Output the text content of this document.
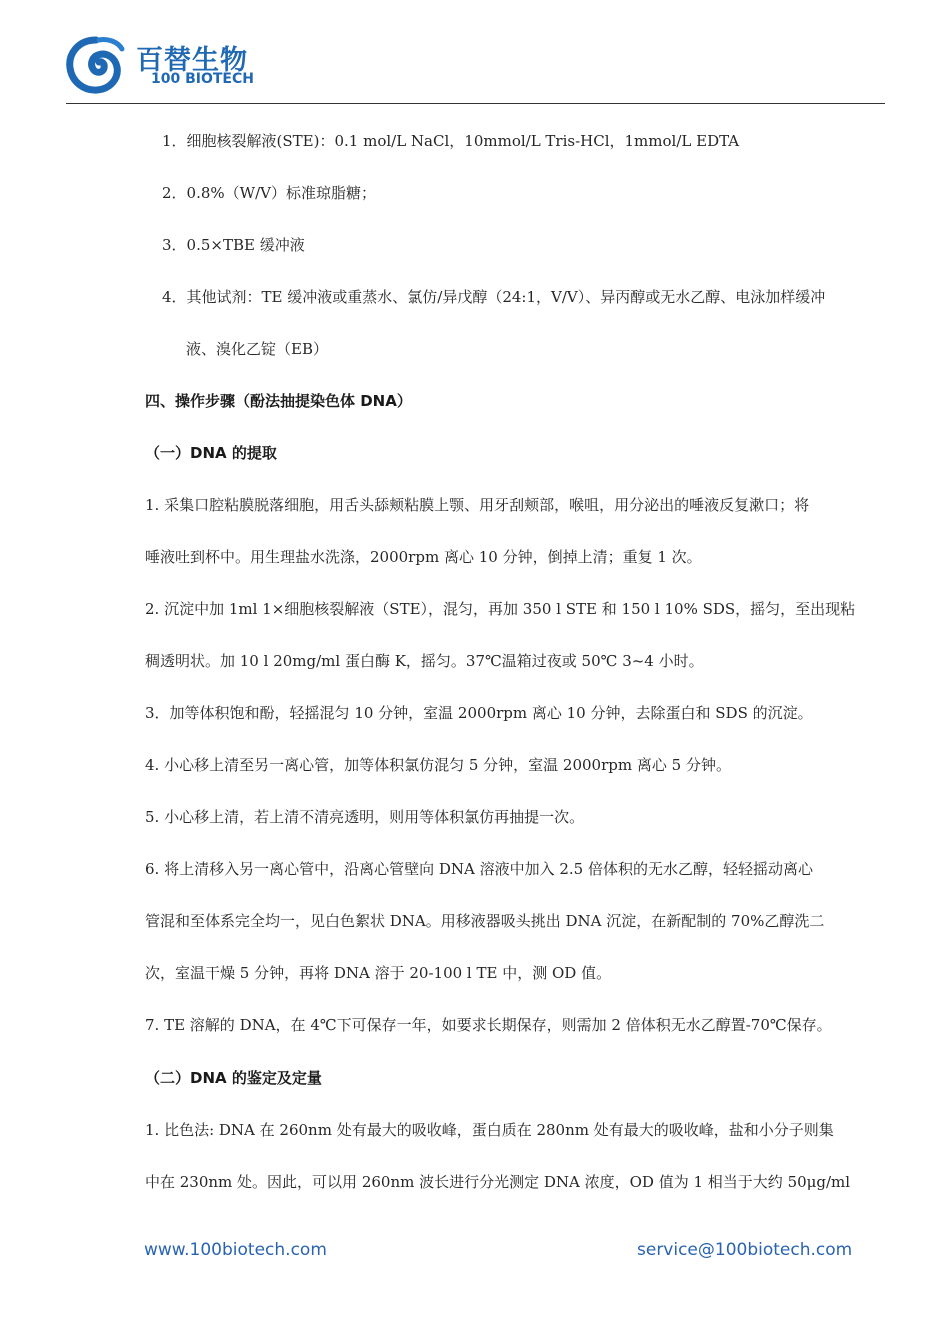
百替生物
100 BIOTECH
1．细胞核裂解液(STE)：0.1 mol/L NaCl，10mmol/L Tris-HCl，1mmol/L EDTA
2．0.8%（W/V）标准琼脂糖；
3．0.5×TBE 缓冲液
4．其他试剂：TE 缓冲液或重蒸水、氯仿/异戊醇（24:1，V/V）、异丙醇或无水乙醇、电泳加样缓冲
液、溴化乙锭（EB）
四、操作步骤（酚法抽提染色体 DNA）
（一）DNA 的提取
1. 采集口腔粘膜脱落细胞，用舌头舔颊粘膜上颚、用牙刮颊部，喉咀，用分泌出的唾液反复漱口；将
唾液吐到杯中。用生理盐水洗涤，2000rpm 离心 10 分钟，倒掉上清；重复 1 次。
2. 沉淀中加 1ml 1×细胞核裂解液（STE），混匀，再加 350 l STE 和 150 l 10% SDS，摇匀，至出现粘
稠透明状。加 10 l 20mg/ml 蛋白酶 K，摇匀。37℃温箱过夜或 50℃ 3~4 小时。
3．加等体积饱和酚，轻摇混匀 10 分钟，室温 2000rpm 离心 10 分钟，去除蛋白和 SDS 的沉淀。
4. 小心移上清至另一离心管，加等体积氯仿混匀 5 分钟，室温 2000rpm 离心 5 分钟。
5. 小心移上清，若上清不清亮透明，则用等体积氯仿再抽提一次。
6. 将上清移入另一离心管中，沿离心管壁向 DNA 溶液中加入 2.5 倍体积的无水乙醇，轻轻摇动离心
管混和至体系完全均一，见白色絮状 DNA。用移液器吸头挑出 DNA 沉淀，在新配制的 70%乙醇洗二
次，室温干燥 5 分钟，再将 DNA 溶于 20-100 l TE 中，测 OD 值。
7. TE 溶解的 DNA，在 4℃下可保存一年，如要求长期保存，则需加 2 倍体积无水乙醇置-70℃保存。
（二）DNA 的鉴定及定量
1. 比色法: DNA 在 260nm 处有最大的吸收峰，蛋白质在 280nm 处有最大的吸收峰，盐和小分子则集
中在 230nm 处。因此，可以用 260nm 波长进行分光测定 DNA 浓度，OD 值为 1 相当于大约 50μg/ml
www.100biotech.com	service@100biotech.com
